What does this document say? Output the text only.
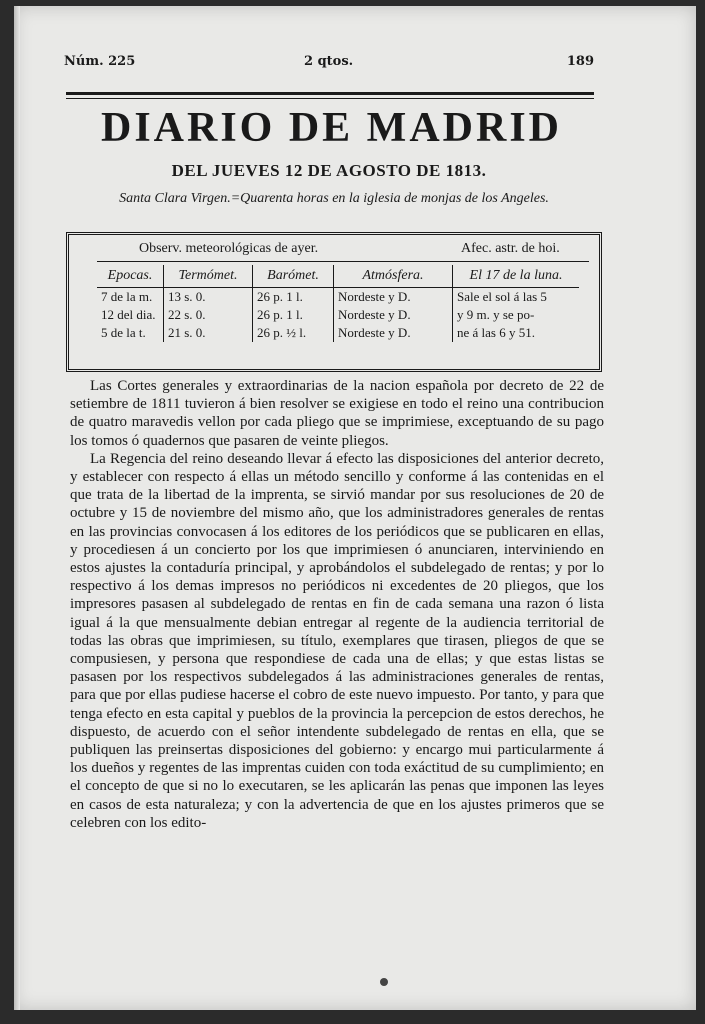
Núm. 225	2 qtos.	189
DIARIO DE MADRID
DEL JUEVES 12 DE AGOSTO DE 1813.
Santa Clara Virgen.=Quarenta horas en la iglesia de monjas de los Angeles.
Observ. meteorológicas de ayer.	Afec. astr. de hoi.
Epocas.	Termómet.	Barómet.	Atmósfera.	El 17 de la luna.
7 de la m.	13 s. 0.	26 p. 1 l.	Nordeste y D.	Sale el sol á las 5
12 del dia.	22 s. 0.	26 p. 1 l.	Nordeste y D.	y 9 m. y se po-
5 de la t.	21 s. 0.	26 p. ½ l.	Nordeste y D.	ne á las 6 y 51.

Las Cortes generales y extraordinarias de la nacion española por decreto de 22 de setiembre de 1811 tuvieron á bien resolver se exigiese en todo el reino una contribucion de quatro maravedis vellon por cada pliego que se imprimiese, exceptuando de su pago los tomos ó quadernos que pasaren de veinte pliegos.

La Regencia del reino deseando llevar á efecto las disposiciones del anterior decreto, y establecer con respecto á ellas un método sencillo y conforme á las contenidas en el que trata de la libertad de la imprenta, se sirvió mandar por sus resoluciones de 20 de octubre y 15 de noviembre del mismo año, que los administradores generales de rentas en las provincias convocasen á los editores de los periódicos que se publicaren en ellas, y procediesen á un concierto por los que imprimiesen ó anunciaren, interviniendo en estos ajustes la contaduría principal, y aprobándolos el subdelegado de rentas; y por lo respectivo á los demas impresos no periódicos ni excedentes de 20 pliegos, que los impresores pasasen al subdelegado de rentas en fin de cada semana una razon ó lista igual á la que mensualmente debian entregar al regente de la audiencia territorial de todas las obras que imprimiesen, su título, exemplares que tirasen, pliegos de que se compusiesen, y persona que respondiese de cada una de ellas; y que estas listas se pasasen por los respectivos subdelegados á las administraciones generales de rentas, para que por ellas pudiese hacerse el cobro de este nuevo impuesto. Por tanto, y para que tenga efecto en esta capital y pueblos de la provincia la percepcion de estos derechos, he dispuesto, de acuerdo con el señor intendente subdelegado de rentas en ella, que se publiquen las preinsertas disposiciones del gobierno: y encargo mui particularmente á los dueños y regentes de las imprentas cuiden con toda exáctitud de su cumplimiento; en el concepto de que si no lo executaren, se les aplicarán las penas que imponen las leyes en casos de esta naturaleza; y con la advertencia de que en los ajustes primeros que se celebren con los edito-
